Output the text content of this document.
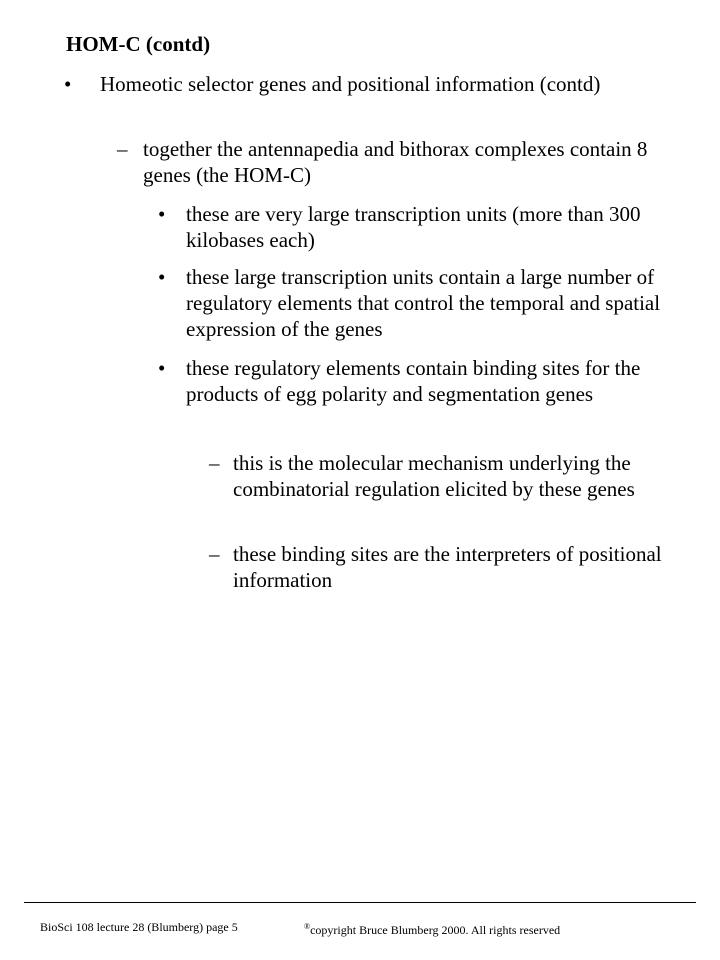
HOM-C (contd)
• Homeotic selector genes and positional information (contd)
– together the antennapedia and bithorax complexes contain 8 genes (the HOM-C)
• these are very large transcription units (more than 300 kilobases each)
• these large transcription units contain a large number of regulatory elements that control the temporal and spatial expression of the genes
• these regulatory elements contain binding sites for the products of egg polarity and segmentation genes
– this is the molecular mechanism underlying the combinatorial regulation elicited by these genes
– these binding sites are the interpreters of positional information
BioSci 108 lecture 28 (Blumberg) page 5	®copyright Bruce Blumberg 2000. All rights reserved
